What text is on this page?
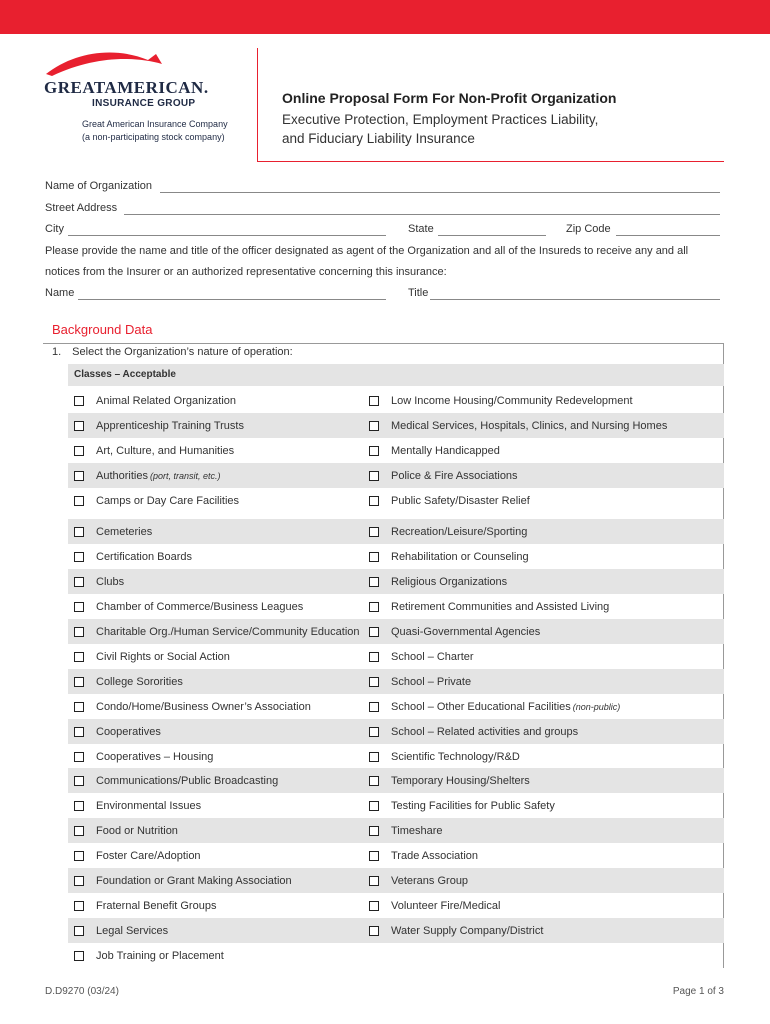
GREATAMERICAN.
INSURANCE GROUP
Great American Insurance Company
(a non-participating stock company)
Online Proposal Form For Non-Profit Organization
Executive Protection, Employment Practices Liability,
and Fiduciary Liability Insurance
Name of Organization
Street Address
City	State	Zip Code
Please provide the name and title of the officer designated as agent of the Organization and all of the Insureds to receive any and all
notices from the Insurer or an authorized representative concerning this insurance:
Name	Title
Background Data
1. Select the Organization’s nature of operation:
Classes – Acceptable
Animal Related Organization	Low Income Housing/Community Redevelopment
Apprenticeship Training Trusts	Medical Services, Hospitals, Clinics, and Nursing Homes
Art, Culture, and Humanities	Mentally Handicapped
Authorities (port, transit, etc.)	Police & Fire Associations
Camps or Day Care Facilities	Public Safety/Disaster Relief
Cemeteries	Recreation/Leisure/Sporting
Certification Boards	Rehabilitation or Counseling
Clubs	Religious Organizations
Chamber of Commerce/Business Leagues	Retirement Communities and Assisted Living
Charitable Org./Human Service/Community Education	Quasi-Governmental Agencies
Civil Rights or Social Action	School – Charter
College Sororities	School – Private
Condo/Home/Business Owner’s Association	School – Other Educational Facilities (non-public)
Cooperatives	School – Related activities and groups
Cooperatives – Housing	Scientific Technology/R&D
Communications/Public Broadcasting	Temporary Housing/Shelters
Environmental Issues	Testing Facilities for Public Safety
Food or Nutrition	Timeshare
Foster Care/Adoption	Trade Association
Foundation or Grant Making Association	Veterans Group
Fraternal Benefit Groups	Volunteer Fire/Medical
Legal Services	Water Supply Company/District
Job Training or Placement
D.D9270 (03/24)	Page 1 of 3
